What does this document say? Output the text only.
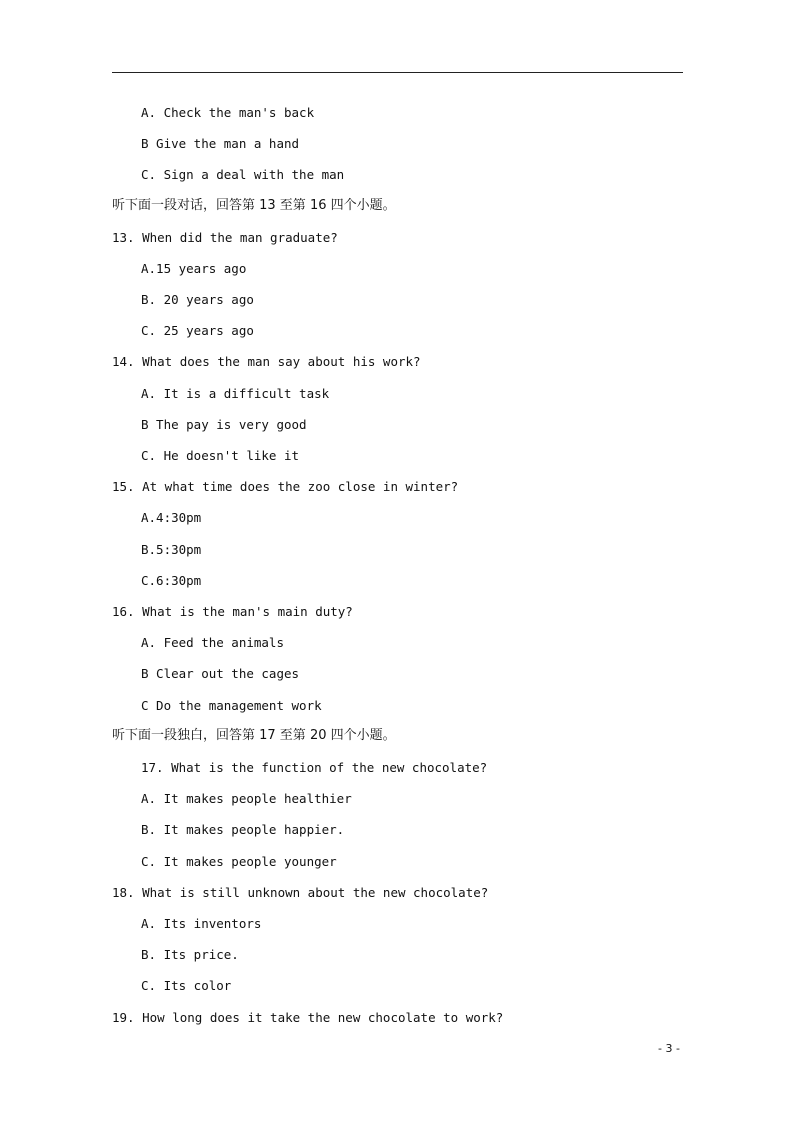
A. Check the man's back
B Give the man a hand
C. Sign a deal with the man
听下面一段对话，回答第 13 至第 16 四个小题。
13. When did the man graduate?
A.15 years ago
B. 20 years ago
C. 25 years ago
14. What does the man say about his work?
A. It is a difficult task
B The pay is very good
C. He doesn't like it
15. At what time does the zoo close in winter?
A.4:30pm
B.5:30pm
C.6:30pm
16. What is the man's main duty?
A. Feed the animals
B Clear out the cages
C Do the management work
听下面一段独白，回答第 17 至第 20 四个小题。
17. What is the function of the new chocolate?
A. It makes people healthier
B. It makes people happier.
C. It makes people younger
18. What is still unknown about the new chocolate?
A. Its inventors
B. Its price.
C. Its color
19. How long does it take the new chocolate to work?
- 3 -
